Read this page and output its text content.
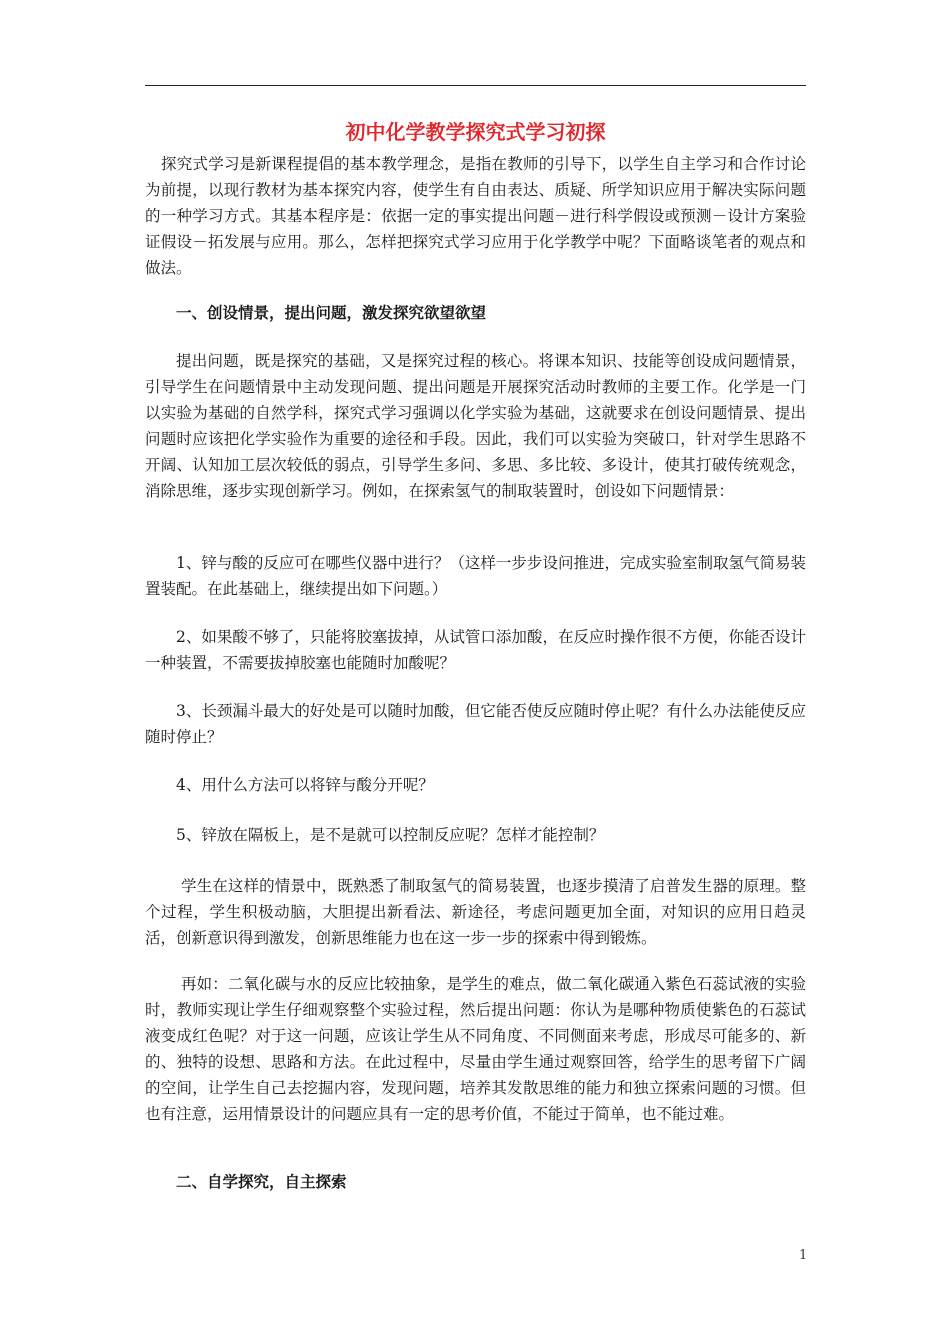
初中化学教学探究式学习初探

探究式学习是新课程提倡的基本教学理念，是指在教师的引导下，以学生自主学习和合作讨论为前提，以现行教材为基本探究内容，使学生有自由表达、质疑、所学知识应用于解决实际问题的一种学习方式。其基本程序是：依据一定的事实提出问题－进行科学假设或预测－设计方案验证假设－拓发展与应用。那么，怎样把探究式学习应用于化学教学中呢？下面略谈笔者的观点和做法。

一、创设情景，提出问题，激发探究欲望欲望

提出问题，既是探究的基础，又是探究过程的核心。将课本知识、技能等创设成问题情景，引导学生在问题情景中主动发现问题、提出问题是开展探究活动时教师的主要工作。化学是一门以实验为基础的自然学科，探究式学习强调以化学实验为基础，这就要求在创设问题情景、提出问题时应该把化学实验作为重要的途径和手段。因此，我们可以实验为突破口，针对学生思路不开阔、认知加工层次较低的弱点，引导学生多问、多思、多比较、多设计，使其打破传统观念，消除思维，逐步实现创新学习。例如，在探索氢气的制取装置时，创设如下问题情景：

1、锌与酸的反应可在哪些仪器中进行？（这样一步步设问推进，完成实验室制取氢气简易装置装配。在此基础上，继续提出如下问题。）

2、如果酸不够了，只能将胶塞拔掉，从试管口添加酸，在反应时操作很不方便，你能否设计一种装置，不需要拔掉胶塞也能随时加酸呢？

3、长颈漏斗最大的好处是可以随时加酸，但它能否使反应随时停止呢？有什么办法能使反应随时停止？

4、用什么方法可以将锌与酸分开呢？

5、锌放在隔板上，是不是就可以控制反应呢？怎样才能控制？

学生在这样的情景中，既熟悉了制取氢气的简易装置，也逐步摸清了启普发生器的原理。整个过程，学生积极动脑，大胆提出新看法、新途径，考虑问题更加全面，对知识的应用日趋灵活，创新意识得到激发，创新思维能力也在这一步一步的探索中得到锻炼。

再如：二氧化碳与水的反应比较抽象，是学生的难点，做二氧化碳通入紫色石蕊试液的实验时，教师实现让学生仔细观察整个实验过程，然后提出问题：你认为是哪种物质使紫色的石蕊试液变成红色呢？对于这一问题，应该让学生从不同角度、不同侧面来考虑，形成尽可能多的、新的、独特的设想、思路和方法。在此过程中，尽量由学生通过观察回答，给学生的思考留下广阔的空间，让学生自己去挖掘内容，发现问题，培养其发散思维的能力和独立探索问题的习惯。但也有注意，运用情景设计的问题应具有一定的思考价值，不能过于简单，也不能过难。

二、自学探究，自主探索

1
